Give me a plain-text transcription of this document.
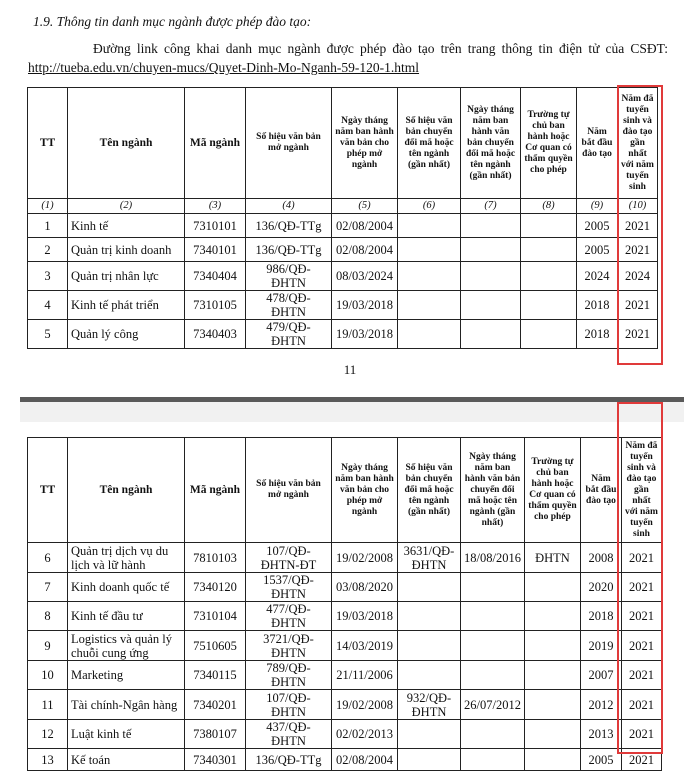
1.9. Thông tin danh mục ngành được phép đào tạo:
Đường link công khai danh mục ngành được phép đào tạo trên trang thông tin điện tử của CSĐT: http://tueba.edu.vn/chuyen-mucs/Quyet-Dinh-Mo-Nganh-59-120-1.html
TT	Tên ngành	Mã ngành	Số hiệu văn bản mở ngành	Ngày tháng năm ban hành văn bản cho phép mở ngành	Số hiệu văn bản chuyển đổi mã hoặc tên ngành (gần nhất)	Ngày tháng năm ban hành văn bản chuyển đổi mã hoặc tên ngành (gần nhất)	Trường tự chủ ban hành hoặc Cơ quan có thẩm quyền cho phép	Năm bắt đầu đào tạo	Năm đã tuyển sinh và đào tạo gần nhất với năm tuyển sinh
(1)	(2)	(3)	(4)	(5)	(6)	(7)	(8)	(9)	(10)
1	Kinh tế	7310101	136/QĐ-TTg	02/08/2004				2005	2021
2	Quản trị kinh doanh	7340101	136/QĐ-TTg	02/08/2004				2005	2021
3	Quản trị nhân lực	7340404	986/QĐ-ĐHTN	08/03/2024				2024	2024
4	Kinh tế phát triển	7310105	478/QĐ- ĐHTN	19/03/2018				2018	2021
5	Quản lý công	7340403	479/QĐ-ĐHTN	19/03/2018				2018	2021
11
TT	Tên ngành	Mã ngành	Số hiệu văn bản mở ngành	Ngày tháng năm ban hành văn bản cho phép mở ngành	Số hiệu văn bản chuyển đổi mã hoặc tên ngành (gần nhất)	Ngày tháng năm ban hành văn bản chuyển đổi mã hoặc tên ngành (gần nhất)	Trường tự chủ ban hành hoặc Cơ quan có thẩm quyền cho phép	Năm bắt đầu đào tạo	Năm đã tuyển sinh và đào tạo gần nhất với năm tuyển sinh
6	Quản trị dịch vụ du lịch và lữ hành	7810103	107/QĐ-ĐHTN-ĐT	19/02/2008	3631/QĐ-ĐHTN	18/08/2016	ĐHTN	2008	2021
7	Kinh doanh quốc tế	7340120	1537/QĐ-ĐHTN	03/08/2020				2020	2021
8	Kinh tế đầu tư	7310104	477/QĐ-ĐHTN	19/03/2018				2018	2021
9	Logistics và quản lý chuỗi cung ứng	7510605	3721/QĐ-ĐHTN	14/03/2019				2019	2021
10	Marketing	7340115	789/QĐ-ĐHTN	21/11/2006				2007	2021
11	Tài chính-Ngân hàng	7340201	107/QĐ-ĐHTN	19/02/2008	932/QĐ-ĐHTN	26/07/2012		2012	2021
12	Luật kinh tế	7380107	437/QĐ-ĐHTN	02/02/2013				2013	2021
13	Kế toán	7340301	136/QĐ-TTg	02/08/2004				2005	2021
